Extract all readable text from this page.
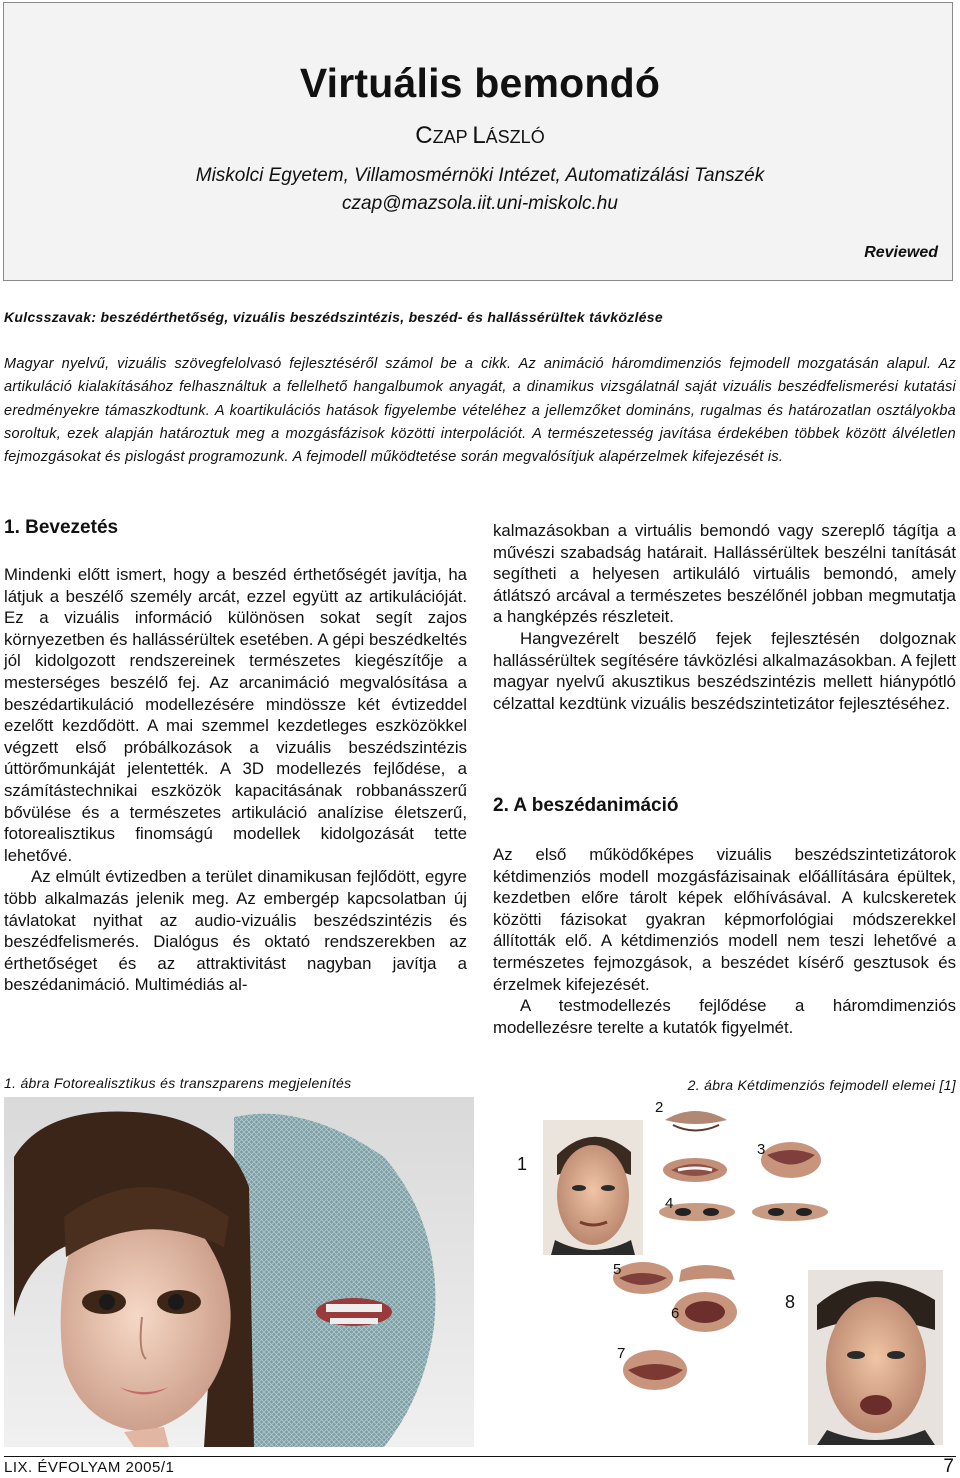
Virtuális bemondó
CZAP LÁSZLÓ
Miskolci Egyetem, Villamosmérnöki Intézet, Automatizálási Tanszék
czap@mazsola.iit.uni-miskolc.hu
Reviewed
Kulcsszavak: beszédérthetőség, vizuális beszédszintézis, beszéd- és hallássérültek távközlése

Magyar nyelvű, vizuális szövegfelolvasó fejlesztéséről számol be a cikk. Az animáció háromdimenziós fejmodell mozgatásán alapul. Az artikuláció kialakításához felhasználtuk a fellelhető hangalbumok anyagát, a dinamikus vizsgálatnál saját vizuális beszédfelismerési kutatási eredményekre támaszkodtunk. A koartikulációs hatások figyelembe vételéhez a jellemzőket domináns, rugalmas és határozatlan osztályokba soroltuk, ezek alapján határoztuk meg a mozgásfázisok közötti interpolációt. A természetesség javítása érdekében többek között álvéletlen fejmozgásokat és pislogást programozunk. A fejmodell működtetése során megvalósítjuk alapérzelmek kifejezését is.

1. Bevezetés

Mindenki előtt ismert, hogy a beszéd érthetőségét javítja, ha látjuk a beszélő személy arcát, ezzel együtt az artikulációját. Ez a vizuális információ különösen sokat segít zajos környezetben és hallássérültek esetében. A gépi beszédkeltés jól kidolgozott rendszereinek természetes kiegészítője a mesterséges beszélő fej. Az arcanimáció megvalósítása a beszédartikuláció modellezésére mindössze két évtizeddel ezelőtt kezdődött. A mai szemmel kezdetleges eszközökkel végzett első próbálkozások a vizuális beszédszintézis úttörőmunkáját jelentették. A 3D modellezés fejlődése, a számítástechnikai eszközök kapacitásának robbanásszerű bővülése és a természetes artikuláció analízise életszerű, fotorealisztikus finomságú modellek kidolgozását tette lehetővé.

Az elmúlt évtizedben a terület dinamikusan fejlődött, egyre több alkalmazás jelenik meg. Az embergép kapcsolatban új távlatokat nyithat az audio-vizuális beszédszintézis és beszédfelismerés. Dialógus és oktató rendszerekben az érthetőséget és az attraktivitást nagyban javítja a beszédanimáció. Multimédiás al-

kalmazásokban a virtuális bemondó vagy szereplő tágítja a művészi szabadság határait. Hallássérültek beszélni tanítását segítheti a helyesen artikuláló virtuális bemondó, amely átlátszó arcával a természetes beszélőnél jobban megmutatja a hangképzés részleteit.

Hangvezérelt beszélő fejek fejlesztésén dolgoznak hallássérültek segítésére távközlési alkalmazásokban. A fejlett magyar nyelvű akusztikus beszédszintézis mellett hiánypótló célzattal kezdtünk vizuális beszédszintetizátor fejlesztéséhez.

2. A beszédanimáció

Az első működőképes vizuális beszédszintetizátorok kétdimenziós modell mozgásfázisainak előállítására épültek, kezdetben előre tárolt képek előhívásával. A kulcskeretek közötti fázisokat gyakran képmorfológiai módszerekkel állították elő. A kétdimenziós modell nem teszi lehetővé a természetes fejmozgások, a beszédet kísérő gesztusok és érzelmek kifejezését.

A testmodellezés fejlődése a háromdimenziós modellezésre terelte a kutatók figyelmét.

1. ábra Fotorealisztikus és transzparens megjelenítés	2. ábra Kétdimenziós fejmodell elemei [1]
1
2
3
4
5
6
7
8
LIX. ÉVFOLYAM 2005/1	7
